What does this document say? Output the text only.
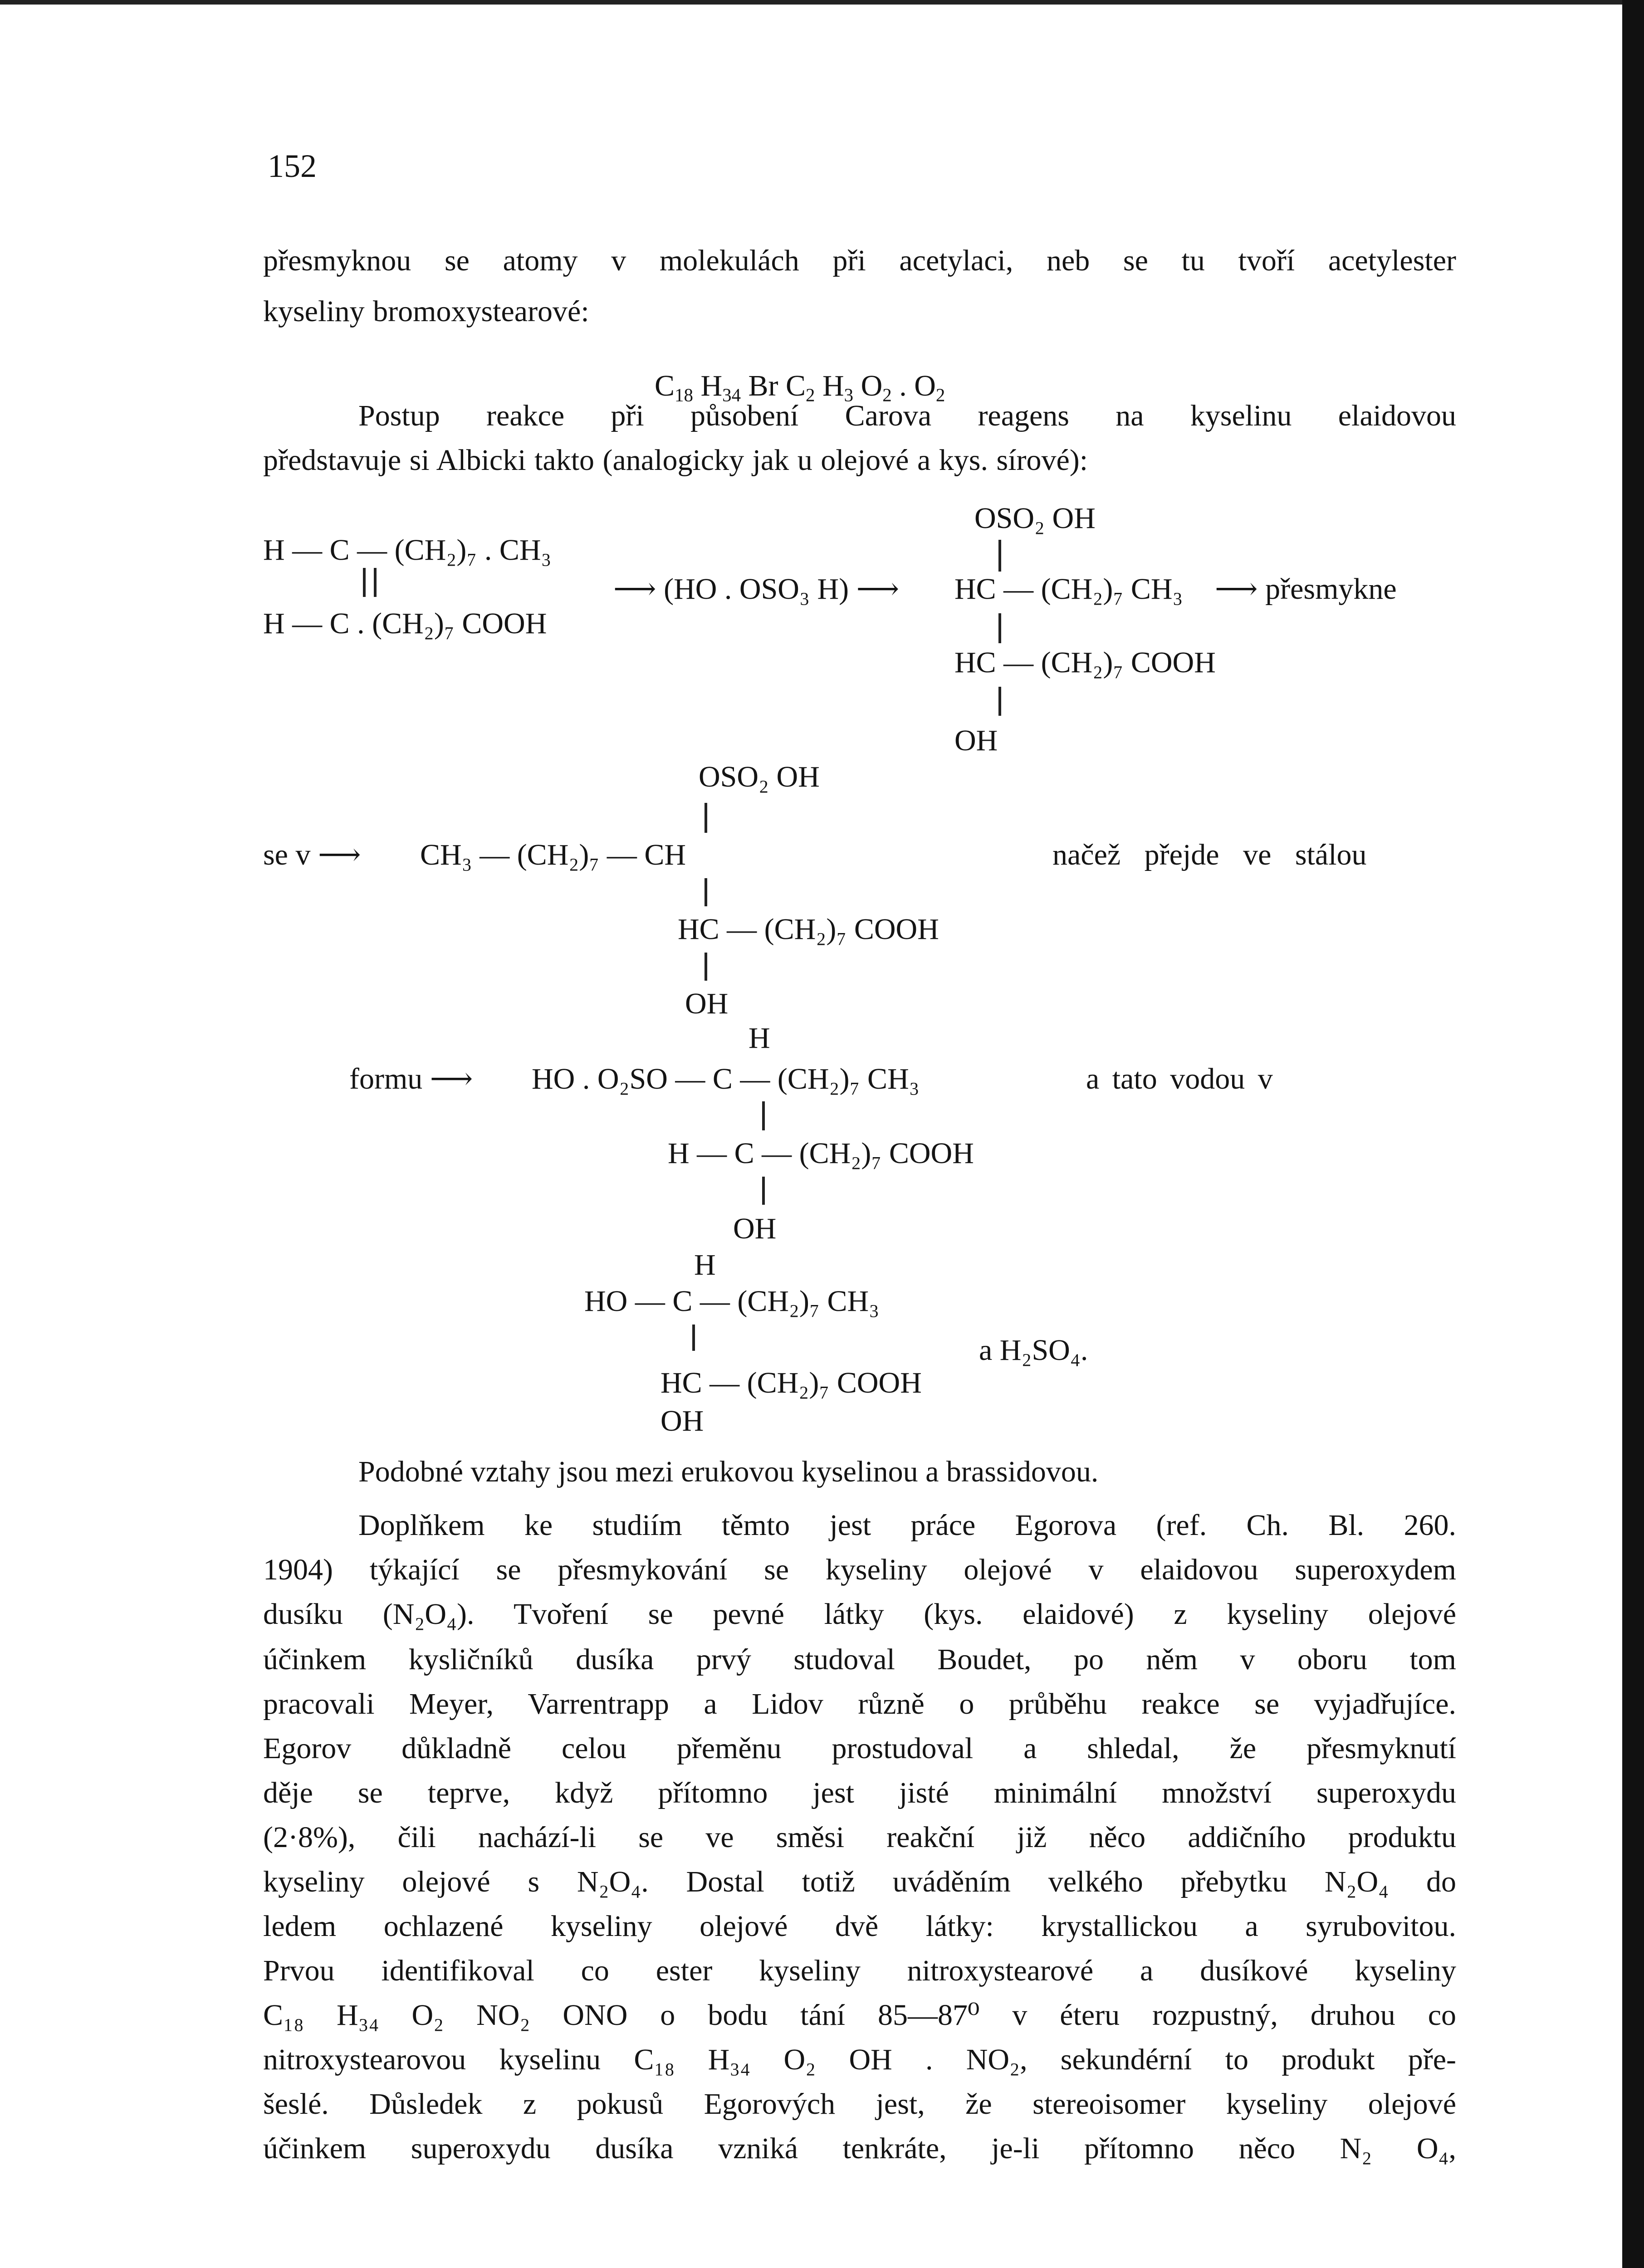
152
přesmyknou se atomy v molekulách při acetylaci, neb se tu tvoří acetylester
kyseliny bromoxystearové:

$C_{18}$ $H_{34}$ Br $C_2$ $H_3$ $O_2$ . $O_2$

Postup reakce při působení Carova reagens na kyselinu elaidovou
představuje si Albicki takto (analogicky jak u olejové a kys. sírové):
OSO₂ OH
H — C — (CH₂)₇ . CH₃
H — C . (CH₂)₇ COOH
⟶ (HO . OSO₃ H) ⟶ HC — (CH₂)₇ CH₃ ⟶ přesmykne
HC — (CH₂)₇ COOH
OH
OSO₂ OH
se v ⟶ CH₃ — (CH₂)₇ — CH	načež přejde ve stálou
HC — (CH₂)₇ COOH
OH
H
formu ⟶ HO . O₂SO — C — (CH₂)₇ CH₃	a tato vodou v
H — C — (CH₂)₇ COOH
OH
H
HO — C — (CH₂)₇ CH₃
a H₂SO₄.
HC — (CH₂)₇ COOH
OH
Podobné vztahy jsou mezi erukovou kyselinou a brassidovou.
Doplňkem ke studiím těmto jest práce Egorova (ref. Ch. Bl. 260.
1904) týkající se přesmykování se kyseliny olejové v elaidovou superoxydem
dusíku (N₂O₄). Tvoření se pevné látky (kys. elaidové) z kyseliny olejové
účinkem kysličníků dusíka prvý studoval Boudet, po něm v oboru tom
pracovali Meyer, Varrentrapp a Lidov různě o průběhu reakce se vyjadřujíce.
Egorov důkladně celou přeměnu prostudoval a shledal, že přesmyknutí
děje se teprve, když přítomno jest jisté minimální množství superoxydu
(2·8%), čili nachází-li se ve směsi reakční již něco addičního produktu
kyseliny olejové s N₂O₄. Dostal totiž uváděním velkého přebytku N₂O₄ do
ledem ochlazené kyseliny olejové dvě látky: krystallickou a syrubovitou.
Prvou identifikoval co ester kyseliny nitroxystearové a dusíkové kyseliny
C₁₈ H₃₄ O₂ NO₂ ONO o bodu tání 85—87⁰ v éteru rozpustný, druhou co
nitroxystearovou kyselinu C₁₈ H₃₄ O₂ OH . NO₂, sekundérní to produkt pře-
šeslé. Důsledek z pokusů Egorových jest, že stereoisomer kyseliny olejové
účinkem superoxydu dusíka vzniká tenkráte, je-li přítomno něco N₂ O₄,
